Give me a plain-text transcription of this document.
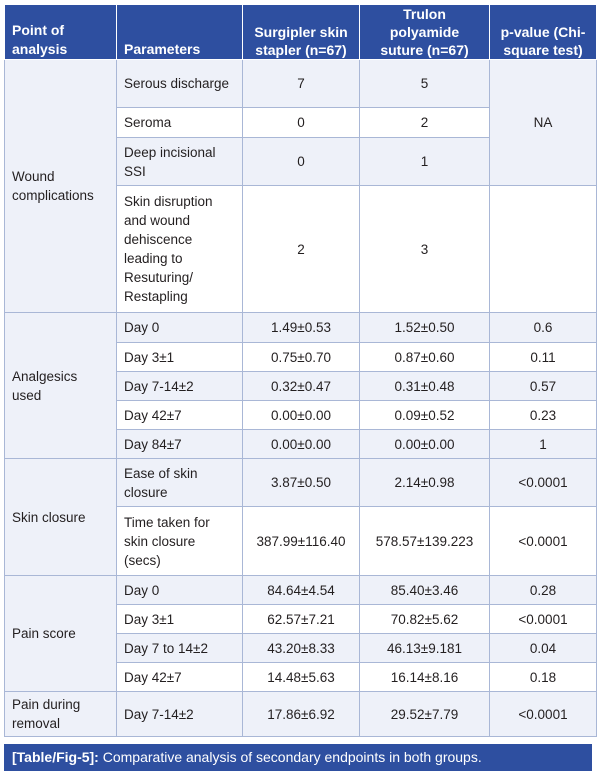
Point of analysis	Parameters	Surgipler skin stapler (n=67)	Trulon polyamide suture (n=67)	p-value (Chi-square test)
Wound complications	Serous discharge	7	5	NA
	Seroma	0	2	
	Deep incisional SSI	0	1	
	Skin disruption and wound dehiscence leading to Resuturing/ Restapling	2	3	
Analgesics used	Day 0	1.49±0.53	1.52±0.50	0.6
	Day 3±1	0.75±0.70	0.87±0.60	0.11
	Day 7-14±2	0.32±0.47	0.31±0.48	0.57
	Day 42±7	0.00±0.00	0.09±0.52	0.23
	Day 84±7	0.00±0.00	0.00±0.00	1
Skin closure	Ease of skin closure	3.87±0.50	2.14±0.98	<0.0001
	Time taken for skin closure (secs)	387.99±116.40	578.57±139.223	<0.0001
Pain score	Day 0	84.64±4.54	85.40±3.46	0.28
	Day 3±1	62.57±7.21	70.82±5.62	<0.0001
	Day 7 to 14±2	43.20±8.33	46.13±9.181	0.04
	Day 42±7	14.48±5.63	16.14±8.16	0.18
Pain during removal	Day 7-14±2	17.86±6.92	29.52±7.79	<0.0001
[Table/Fig-5]: Comparative analysis of secondary endpoints in both groups.
